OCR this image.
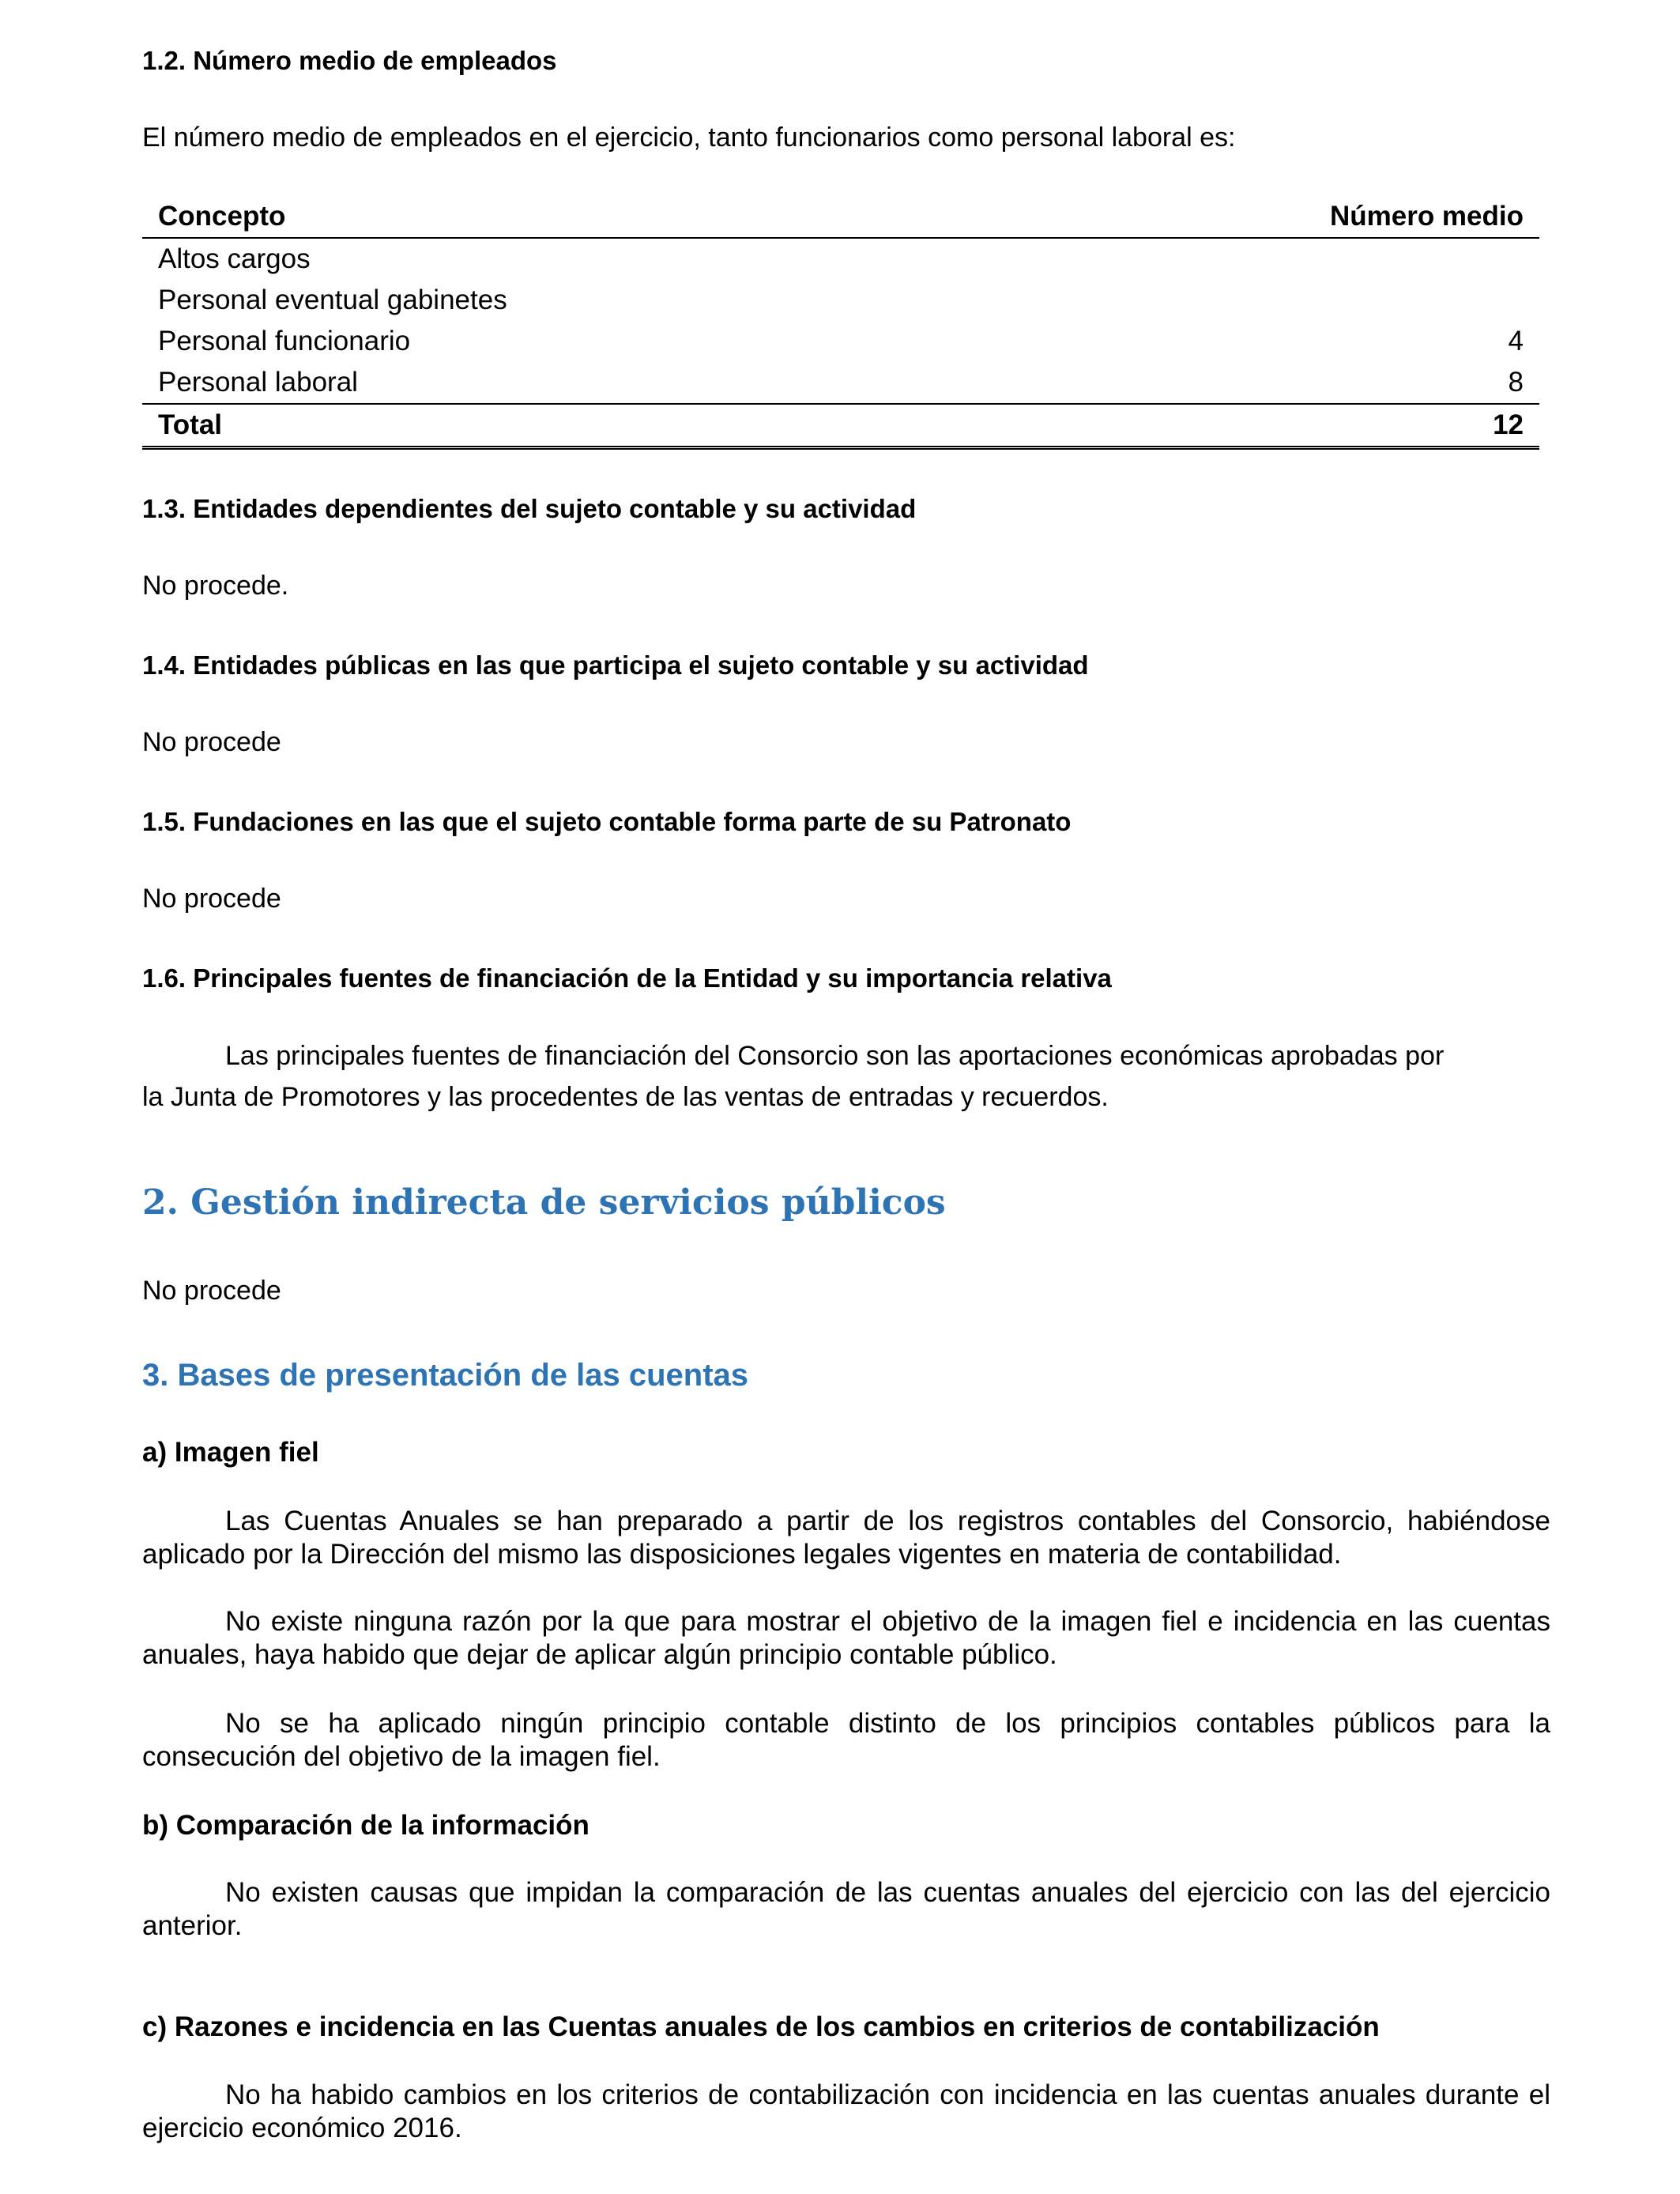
1.2. Número medio de empleados
El número medio de empleados en el ejercicio, tanto funcionarios como personal laboral es:
Concepto	Número medio
Altos cargos	
Personal eventual gabinetes	
Personal funcionario	4
Personal laboral	8
Total	12
1.3. Entidades dependientes del sujeto contable y su actividad
No procede.
1.4. Entidades públicas en las que participa el sujeto contable y su actividad
No procede
1.5. Fundaciones en las que el sujeto contable forma parte de su Patronato
No procede
1.6. Principales fuentes de financiación de la Entidad y su importancia relativa
Las principales fuentes de financiación del Consorcio son las aportaciones económicas aprobadas por
la Junta de Promotores y las procedentes de las ventas de entradas y recuerdos.
2. Gestión indirecta de servicios públicos
No procede
3. Bases de presentación de las cuentas
a) Imagen fiel
Las Cuentas Anuales se han preparado a partir de los registros contables del Consorcio, habiéndose aplicado por la Dirección del mismo las disposiciones legales vigentes en materia de contabilidad.
No existe ninguna razón por la que para mostrar el objetivo de la imagen fiel e incidencia en las cuentas anuales, haya habido que dejar de aplicar algún principio contable público.
No se ha aplicado ningún principio contable distinto de los principios contables públicos para la consecución del objetivo de la imagen fiel.
b) Comparación de la información
No existen causas que impidan la comparación de las cuentas anuales del ejercicio con las del ejercicio anterior.
c) Razones e incidencia en las Cuentas anuales de los cambios en criterios de contabilización
No ha habido cambios en los criterios de contabilización con incidencia en las cuentas anuales durante el ejercicio económico 2016.
